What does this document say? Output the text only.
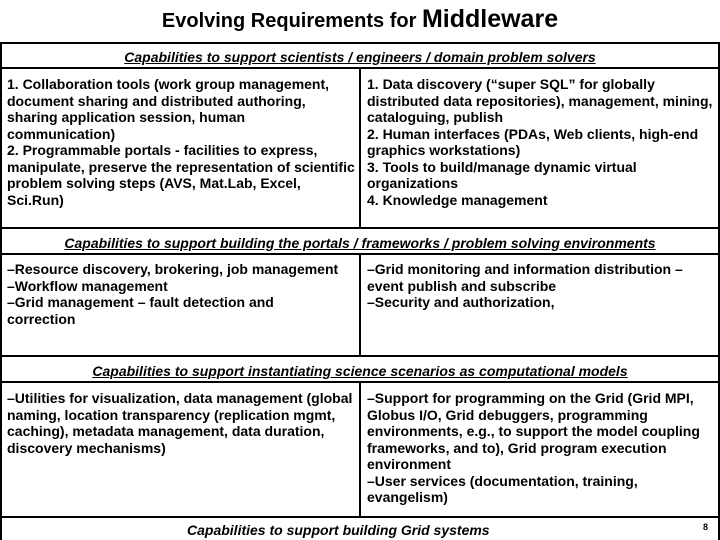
Evolving Requirements for Middleware
Capabilities to support scientists / engineers / domain problem solvers

1. Collaboration tools (work group management, document sharing and distributed authoring, sharing application session, human communication)

2. Programmable portals - facilities to express, manipulate, preserve the representation of scientific problem solving steps (AVS, Mat.Lab, Excel, Sci.Run)

1. Data discovery (“super SQL” for globally distributed data repositories), management, mining, cataloguing, publish

2. Human interfaces (PDAs, Web clients, high-end graphics workstations)

3. Tools to build/manage dynamic virtual organizations

4. Knowledge management

Capabilities to support building the portals / frameworks / problem solving environments

–Resource discovery, brokering, job management

–Workflow management

–Grid management – fault detection and correction

–Grid monitoring and information distribution – event publish and subscribe

–Security and authorization,

Capabilities to support instantiating science scenarios as computational models

–Utilities for visualization, data management (global naming, location transparency (replication mgmt, caching), metadata management, data duration, discovery mechanisms)

–Support for programming on the Grid (Grid MPI, Globus I/O, Grid debuggers, programming environments, e.g., to support the model coupling frameworks, and to), Grid program execution environment

–User services (documentation, training, evangelism)

Capabilities to support building Grid systems	8
